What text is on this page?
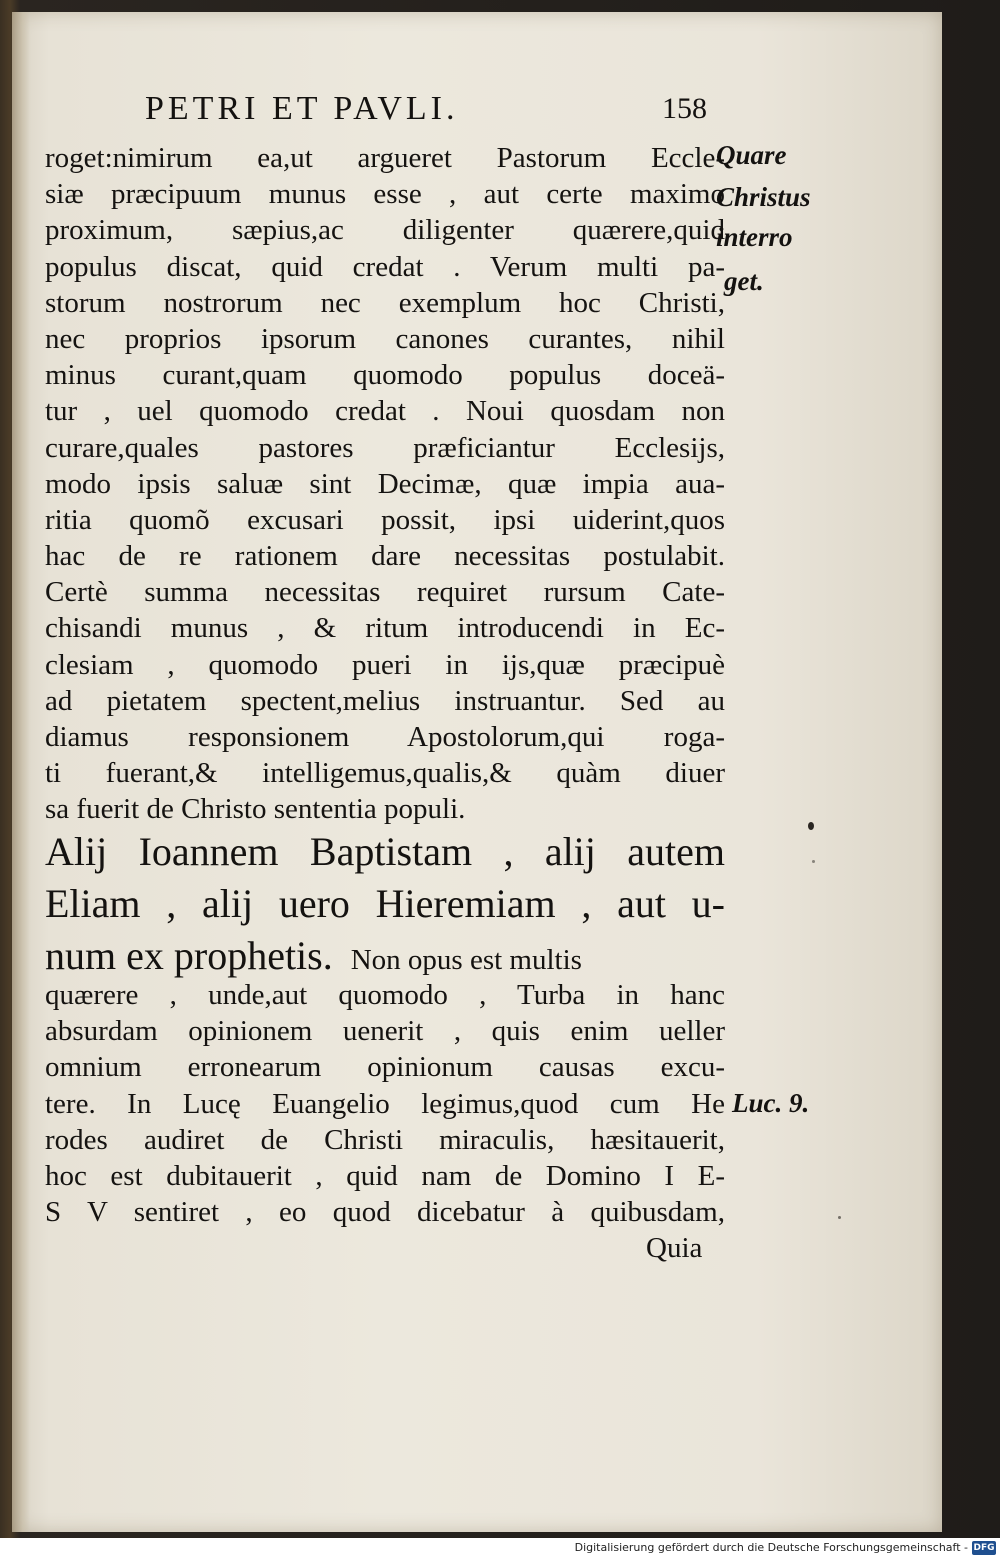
PETRI ET PAVLI.	158
roget:nimirum ea,ut argueret Pastorum Eccle-
siæ præcipuum munus esse , aut certe maximo
proximum, sæpius,ac diligenter quærere,quid
populus discat, quid credat . Verum multi pa-
storum nostrorum nec exemplum hoc Christi,
nec proprios ipsorum canones curantes, nihil
minus curant,quam quomodo populus doceä-
tur , uel quomodo credat . Noui quosdam non
curare,quales pastores præficiantur Ecclesijs,
modo ipsis saluæ sint Decimæ, quæ impia aua-
ritia quomõ excusari possit, ipsi uiderint,quos
hac de re rationem dare necessitas postulabit.
Certè summa necessitas requiret rursum Cate-
chisandi munus , & ritum introducendi in Ec-
clesiam , quomodo pueri in ijs,quæ præcipuè
ad pietatem spectent,melius instruantur. Sed au
diamus responsionem Apostolorum,qui roga-
ti fuerant,& intelligemus,qualis,& quàm diuer
sa fuerit de Christo sententia populi.
Alij Ioannem Baptistam , alij autem
Eliam , alij uero Hieremiam , aut u-
num ex prophetis. Non opus est multis
quærere , unde,aut quomodo , Turba in hanc
absurdam opinionem uenerit , quis enim ueller
omnium erronearum opinionum causas excu-
tere. In Lucę Euangelio legimus,quod cum He
rodes audiret de Christi miraculis, hæsitauerit,
hoc est dubitauerit , quid nam de Domino I E-
S V sentiret , eo quod dicebatur à quibusdam,
Quia
Quare
Christus
interro
get.
Luc. 9.
Digitalisierung gefördert durch die Deutsche Forschungsgemeinschaft - DFG
